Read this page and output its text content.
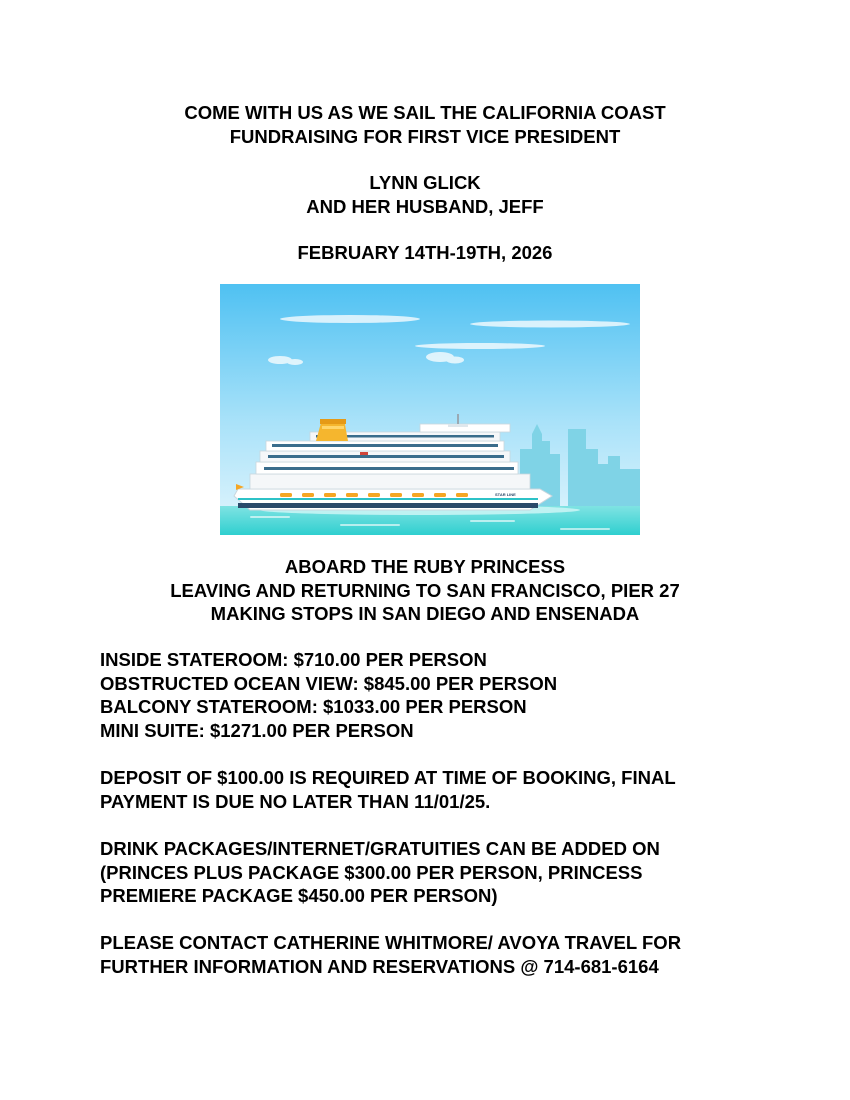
COME WITH US AS WE SAIL THE CALIFORNIA COAST
FUNDRAISING FOR FIRST VICE PRESIDENT
LYNN GLICK
AND HER HUSBAND, JEFF
FEBRUARY 14TH-19TH, 2026
STAR LINE
ABOARD THE RUBY PRINCESS
LEAVING AND RETURNING TO SAN FRANCISCO, PIER 27
MAKING STOPS IN SAN DIEGO AND ENSENADA
INSIDE STATEROOM: $710.00 PER PERSON
OBSTRUCTED OCEAN VIEW: $845.00 PER PERSON
BALCONY STATEROOM: $1033.00 PER PERSON
MINI SUITE: $1271.00 PER PERSON
DEPOSIT OF $100.00 IS REQUIRED AT TIME OF BOOKING, FINAL
PAYMENT IS DUE NO LATER THAN 11/01/25.
DRINK PACKAGES/INTERNET/GRATUITIES CAN BE ADDED ON
(PRINCES PLUS PACKAGE $300.00 PER PERSON, PRINCESS
PREMIERE PACKAGE $450.00 PER PERSON)
PLEASE CONTACT CATHERINE WHITMORE/ AVOYA TRAVEL FOR
FURTHER INFORMATION AND RESERVATIONS @ 714-681-6164
